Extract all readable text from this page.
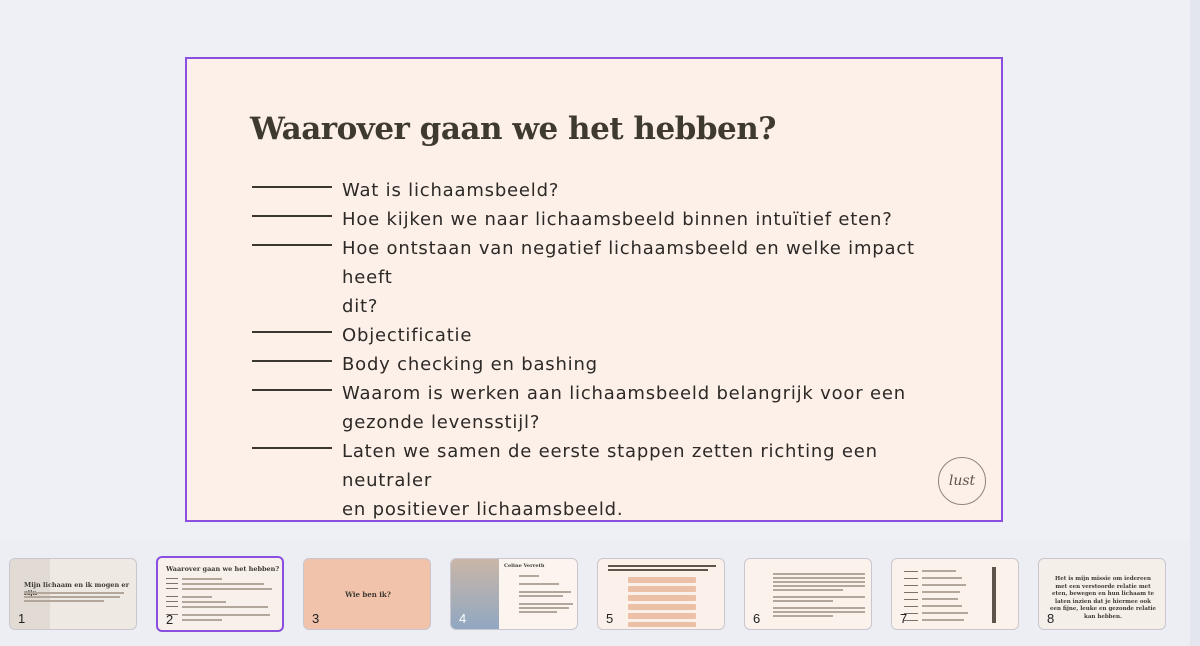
Waarover gaan we het hebben?
Wat is lichaamsbeeld?
Hoe kijken we naar lichaamsbeeld binnen intuïtief eten?
Hoe ontstaan van negatief lichaamsbeeld en welke impact heeft
dit?
Objectificatie
Body checking en bashing
Waarom is werken aan lichaamsbeeld belangrijk voor een
gezonde levensstijl?
Laten we samen de eerste stappen zetten richting een neutraler
en positiever lichaamsbeeld.
lust
Mijn lichaam en ik mogen er
1
Waarover gaan we het hebben?
2
Wie ben ik?
3
Celine Verreth
4	5	6	7
Het is mijn missie om iedereen met een verstoorde relatie met eten, bewegen en hun lichaam te laten inzien dat je hiermee ook een fijne, leuke en gezonde relatie kan hebben.
8
